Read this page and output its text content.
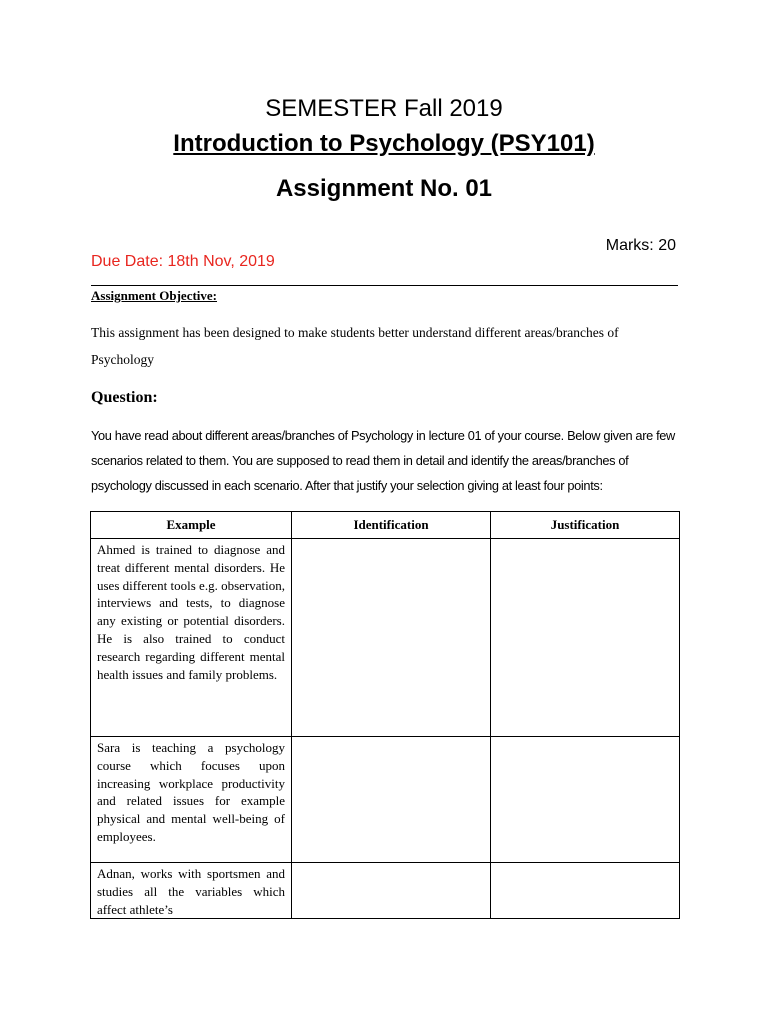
SEMESTER Fall 2019
Introduction to Psychology (PSY101)
Assignment No. 01
Marks: 20
Due Date: 18th Nov, 2019
Assignment Objective:
This assignment has been designed to make students better understand different areas/branches of Psychology
Question:
You have read about different areas/branches of Psychology in lecture 01 of your course. Below given are few scenarios related to them. You are supposed to read them in detail and identify the areas/branches of psychology discussed in each scenario. After that justify your selection giving at least four points:
Example	Identification	Justification

Ahmed is trained to diagnose and treat different mental disorders. He uses different tools e.g. observation, interviews and tests, to diagnose any existing or potential disorders. He is also trained to conduct research regarding different mental health issues and family problems.		

Sara is teaching a psychology course which focuses upon increasing workplace productivity and related issues for example physical and mental well-being of employees.		

Adnan, works with sportsmen and studies all the variables which affect athlete’s		
